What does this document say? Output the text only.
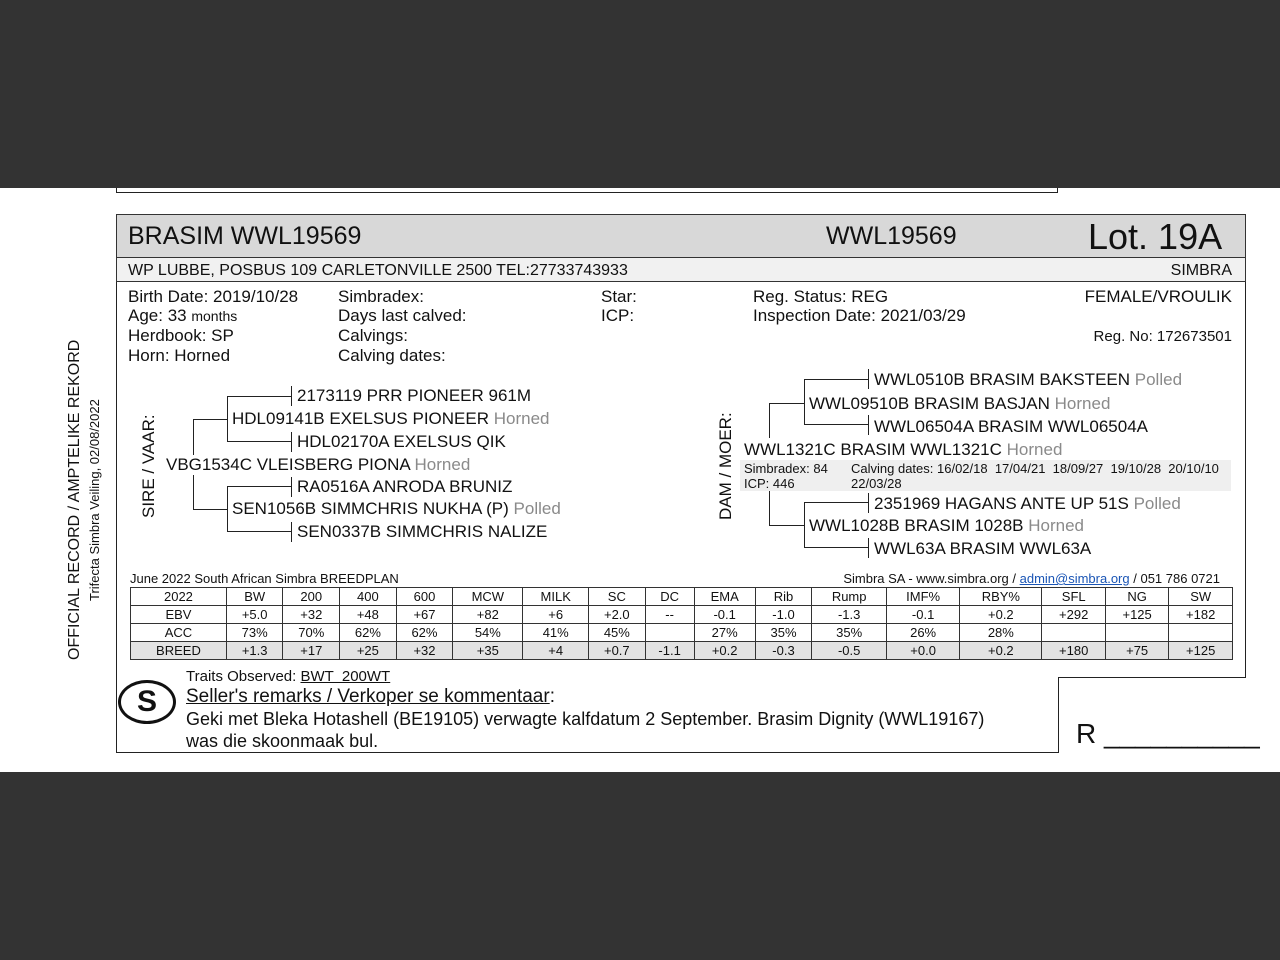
OFFICIAL RECORD / AMPTELIKE REKORD Trifecta Simbra Veiling, 02/08/2022
BRASIM WWL19569	WWL19569	Lot. 19A
WP LUBBE, POSBUS 109 CARLETONVILLE 2500 TEL:27733743933	SIMBRA
Birth Date: 2019/10/28
Age: 33 months
Herdbook: SP
Horn: Horned
Simbradex:
Days last calved:
Calvings:
Calving dates:
Star:
ICP:
Reg. Status: REG
Inspection Date: 2021/03/29
FEMALE/VROULIK
Reg. No: 172673501
SIRE / VAAR:
2173119 PRR PIONEER 961M
HDL09141B EXELSUS PIONEER Horned
HDL02170A EXELSUS QIK
VBG1534C VLEISBERG PIONA Horned
RA0516A ANRODA BRUNIZ
SEN1056B SIMMCHRIS NUKHA (P) Polled
SEN0337B SIMMCHRIS NALIZE
DAM / MOER:
WWL0510B BRASIM BAKSTEEN Polled
WWL09510B BRASIM BASJAN Horned
WWL06504A BRASIM WWL06504A
WWL1321C BRASIM WWL1321C Horned
Simbradex: 84
ICP: 446
Calving dates: 16/02/18  17/04/21  18/09/27  19/10/28  20/10/10
22/03/28
2351969 HAGANS ANTE UP 51S Polled
WWL1028B BRASIM 1028B Horned
WWL63A BRASIM WWL63A
June 2022 South African Simbra BREEDPLAN	Simbra SA - www.simbra.org / admin@simbra.org / 051 786 0721
2022	BW	200	400	600	MCW	MILK	SC	DC	EMA	Rib	Rump	IMF%	RBY%	SFL	NG	SW
EBV	+5.0	+32	+48	+67	+82	+6	+2.0	--	-0.1	-1.0	-1.3	-0.1	+0.2	+292	+125	+182
ACC	73%	70%	62%	62%	54%	41%	45%		27%	35%	35%	26%	28%			
BREED	+1.3	+17	+25	+32	+35	+4	+0.7	-1.1	+0.2	-0.3	-0.5	+0.0	+0.2	+180	+75	+125
S
Traits Observed: BWT  200WT
Seller's remarks / Verkoper se kommentaar:
Geki met Bleka Hotashell (BE19105) verwagte kalfdatum 2 September. Brasim Dignity (WWL19167)
was die skoonmaak bul.	R __________
